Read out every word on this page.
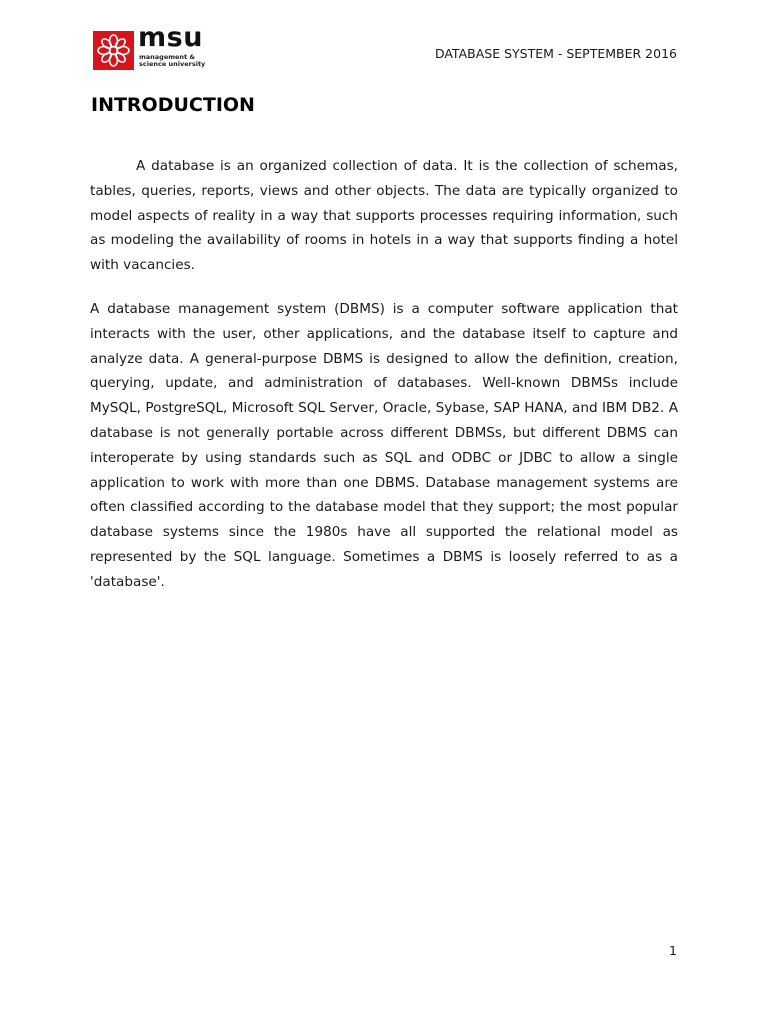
msu
management &
science university
DATABASE SYSTEM - SEPTEMBER 2016
INTRODUCTION

A database is an organized collection of data. It is the collection of schemas, tables, queries, reports, views and other objects. The data are typically organized to model aspects of reality in a way that supports processes requiring information, such as modeling the availability of rooms in hotels in a way that supports finding a hotel with vacancies.

A database management system (DBMS) is a computer software application that interacts with the user, other applications, and the database itself to capture and analyze data. A general-purpose DBMS is designed to allow the definition, creation, querying, update, and administration of databases. Well-known DBMSs include MySQL, PostgreSQL, Microsoft SQL Server, Oracle, Sybase, SAP HANA, and IBM DB2. A database is not generally portable across different DBMSs, but different DBMS can interoperate by using standards such as SQL and ODBC or JDBC to allow a single application to work with more than one DBMS. Database management systems are often classified according to the database model that they support; the most popular database systems since the 1980s have all supported the relational model as represented by the SQL language. Sometimes a DBMS is loosely referred to as a 'database'.

1
